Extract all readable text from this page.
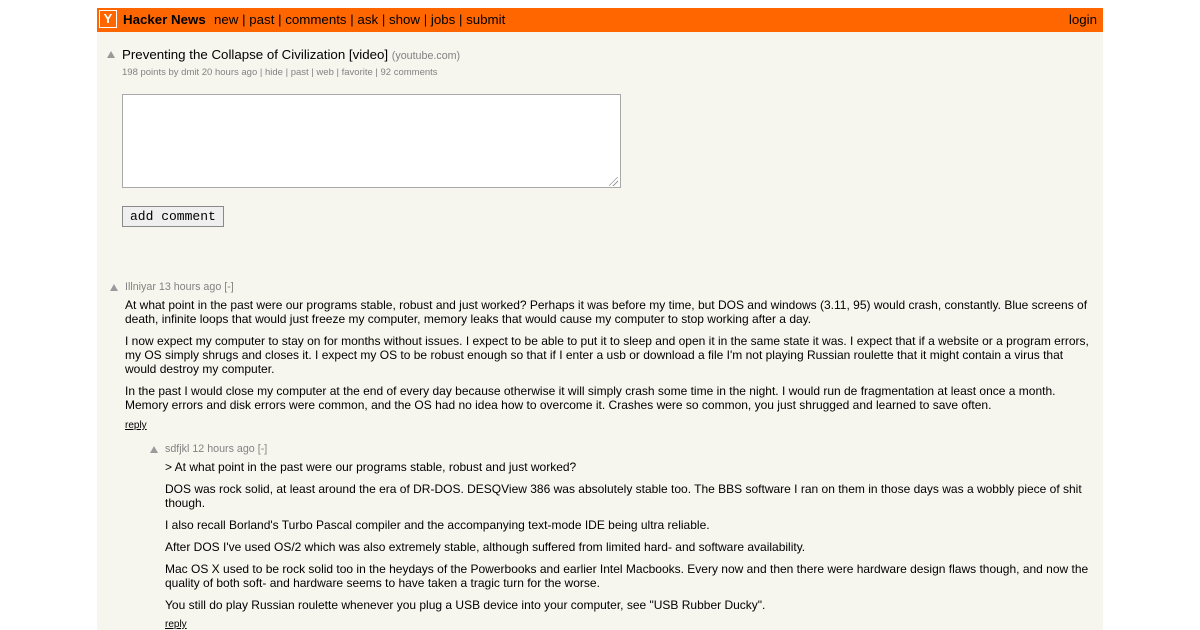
Y Hacker News new | past | comments | ask | show | jobs | submit	login
Preventing the Collapse of Civilization [video] (youtube.com)
198 points by dmit 20 hours ago | hide | past | web | favorite | 92 comments
add comment
Illniyar 13 hours ago [-]

At what point in the past were our programs stable, robust and just worked? Perhaps it was before my time, but DOS and windows (3.11, 95) would crash, constantly. Blue screens of death, infinite loops that would just freeze my computer, memory leaks that would cause my computer to stop working after a day.

I now expect my computer to stay on for months without issues. I expect to be able to put it to sleep and open it in the same state it was. I expect that if a website or a program errors, my OS simply shrugs and closes it. I expect my OS to be robust enough so that if I enter a usb or download a file I'm not playing Russian roulette that it might contain a virus that would destroy my computer.

In the past I would close my computer at the end of every day because otherwise it will simply crash some time in the night. I would run de fragmentation at least once a month. Memory errors and disk errors were common, and the OS had no idea how to overcome it. Crashes were so common, you just shrugged and learned to save often.

reply
sdfjkl 12 hours ago [-]

> At what point in the past were our programs stable, robust and just worked?

DOS was rock solid, at least around the era of DR-DOS. DESQView 386 was absolutely stable too. The BBS software I ran on them in those days was a wobbly piece of shit though.

I also recall Borland's Turbo Pascal compiler and the accompanying text-mode IDE being ultra reliable.

After DOS I've used OS/2 which was also extremely stable, although suffered from limited hard- and software availability.

Mac OS X used to be rock solid too in the heydays of the Powerbooks and earlier Intel Macbooks. Every now and then there were hardware design flaws though, and now the quality of both soft- and hardware seems to have taken a tragic turn for the worse.

You still do play Russian roulette whenever you plug a USB device into your computer, see "USB Rubber Ducky".

reply
